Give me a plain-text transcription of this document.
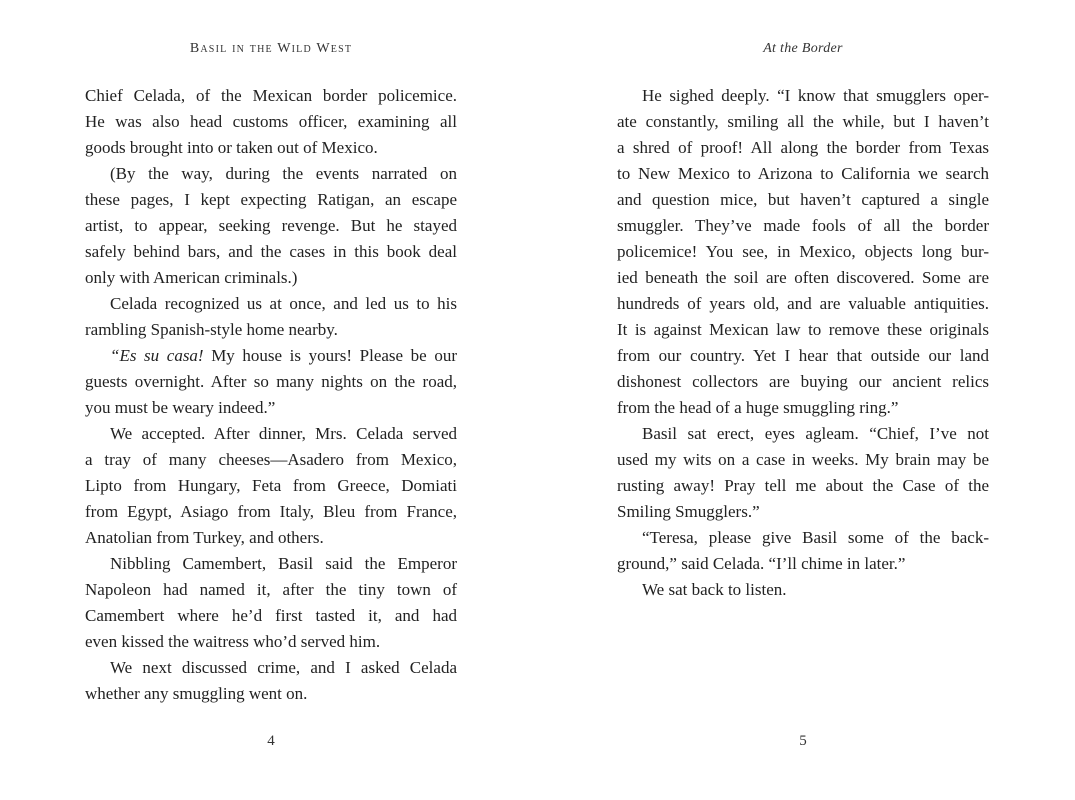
Basil in the Wild West
Chief Celada, of the Mexican border policemice.
He was also head customs officer, examining all
goods brought into or taken out of Mexico.
(By the way, during the events narrated on
these pages, I kept expecting Ratigan, an escape
artist, to appear, seeking revenge. But he stayed
safely behind bars, and the cases in this book deal
only with American criminals.)
Celada recognized us at once, and led us to his
rambling Spanish-style home nearby.
“Es su casa! My house is yours! Please be our
guests overnight. After so many nights on the road,
you must be weary indeed.”
We accepted. After dinner, Mrs. Celada served
a tray of many cheeses—Asadero from Mexico,
Lipto from Hungary, Feta from Greece, Domiati
from Egypt, Asiago from Italy, Bleu from France,
Anatolian from Turkey, and others.
Nibbling Camembert, Basil said the Emperor
Napoleon had named it, after the tiny town of
Camembert where he’d first tasted it, and had
even kissed the waitress who’d served him.
We next discussed crime, and I asked Celada
whether any smuggling went on.
4
At the Border
He sighed deeply. “I know that smugglers oper-
ate constantly, smiling all the while, but I haven’t
a shred of proof! All along the border from Texas
to New Mexico to Arizona to California we search
and question mice, but haven’t captured a single
smuggler. They’ve made fools of all the border
policemice! You see, in Mexico, objects long bur-
ied beneath the soil are often discovered. Some are
hundreds of years old, and are valuable antiquities.
It is against Mexican law to remove these originals
from our country. Yet I hear that outside our land
dishonest collectors are buying our ancient relics
from the head of a huge smuggling ring.”
Basil sat erect, eyes agleam. “Chief, I’ve not
used my wits on a case in weeks. My brain may be
rusting away! Pray tell me about the Case of the
Smiling Smugglers.”
“Teresa, please give Basil some of the back-
ground,” said Celada. “I’ll chime in later.”
We sat back to listen.
5
